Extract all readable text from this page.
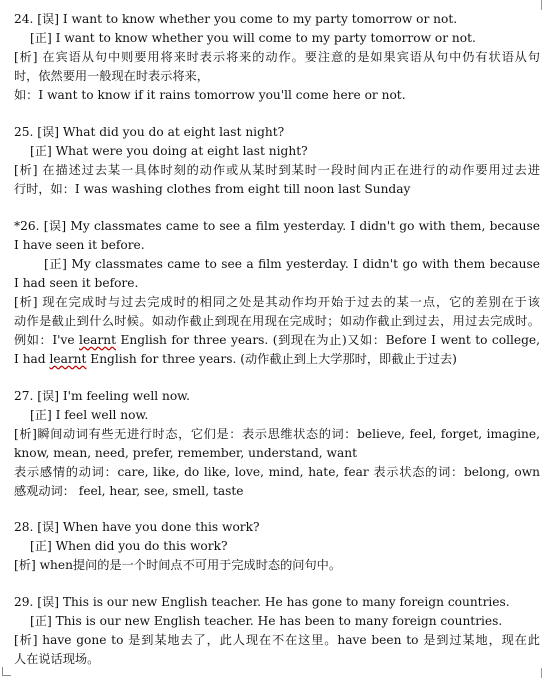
24. [误] I want to know whether you come to my party tomorrow or not.
[正] I want to know whether you will come to my party tomorrow or not.
[析] 在宾语从句中则要用将来时表示将来的动作。要注意的是如果宾语从句中仍有状语从句
时，依然要用一般现在时表示将来，
如：I want to know if it rains tomorrow you'll come here or not.
25. [误] What did you do at eight last night?
[正] What were you doing at eight last night?
[析] 在描述过去某一具体时刻的动作或从某时到某时一段时间内正在进行的动作要用过去进
行时，如：I was washing clothes from eight till noon last Sunday
*26. [误] My classmates came to see a film yesterday. I didn't go with them, because
I have seen it before.
[正] My classmates came to see a film yesterday. I didn't go with them because
I had seen it before.
[析] 现在完成时与过去完成时的相同之处是其动作均开始于过去的某一点，它的差别在于该
动作是截止到什么时候。如动作截止到现在用现在完成时；如动作截止到过去，用过去完成时。
例如：I've learnt English for three years. (到现在为止)又如：Before I went to college,
I had learnt English for three years. (动作截止到上大学那时，即截止于过去)
27. [误] I'm feeling well now.
[正] I feel well now.
[析]瞬间动词有些无进行时态，它们是：表示思维状态的词：believe, feel, forget, imagine,
know, mean, need, prefer, remember, understand, want
表示感情的动词：care, like, do like, love, mind, hate, fear 表示状态的词：belong, own
感观动词： feel, hear, see, smell, taste
28. [误] When have you done this work?
[正] When did you do this work?
[析] when提问的是一个时间点不可用于完成时态的问句中。
29. [误] This is our new English teacher. He has gone to many foreign countries.
[正] This is our new English teacher. He has been to many foreign countries.
[析] have gone to 是到某地去了，此人现在不在这里。have been to 是到过某地，现在此
人在说话现场。
